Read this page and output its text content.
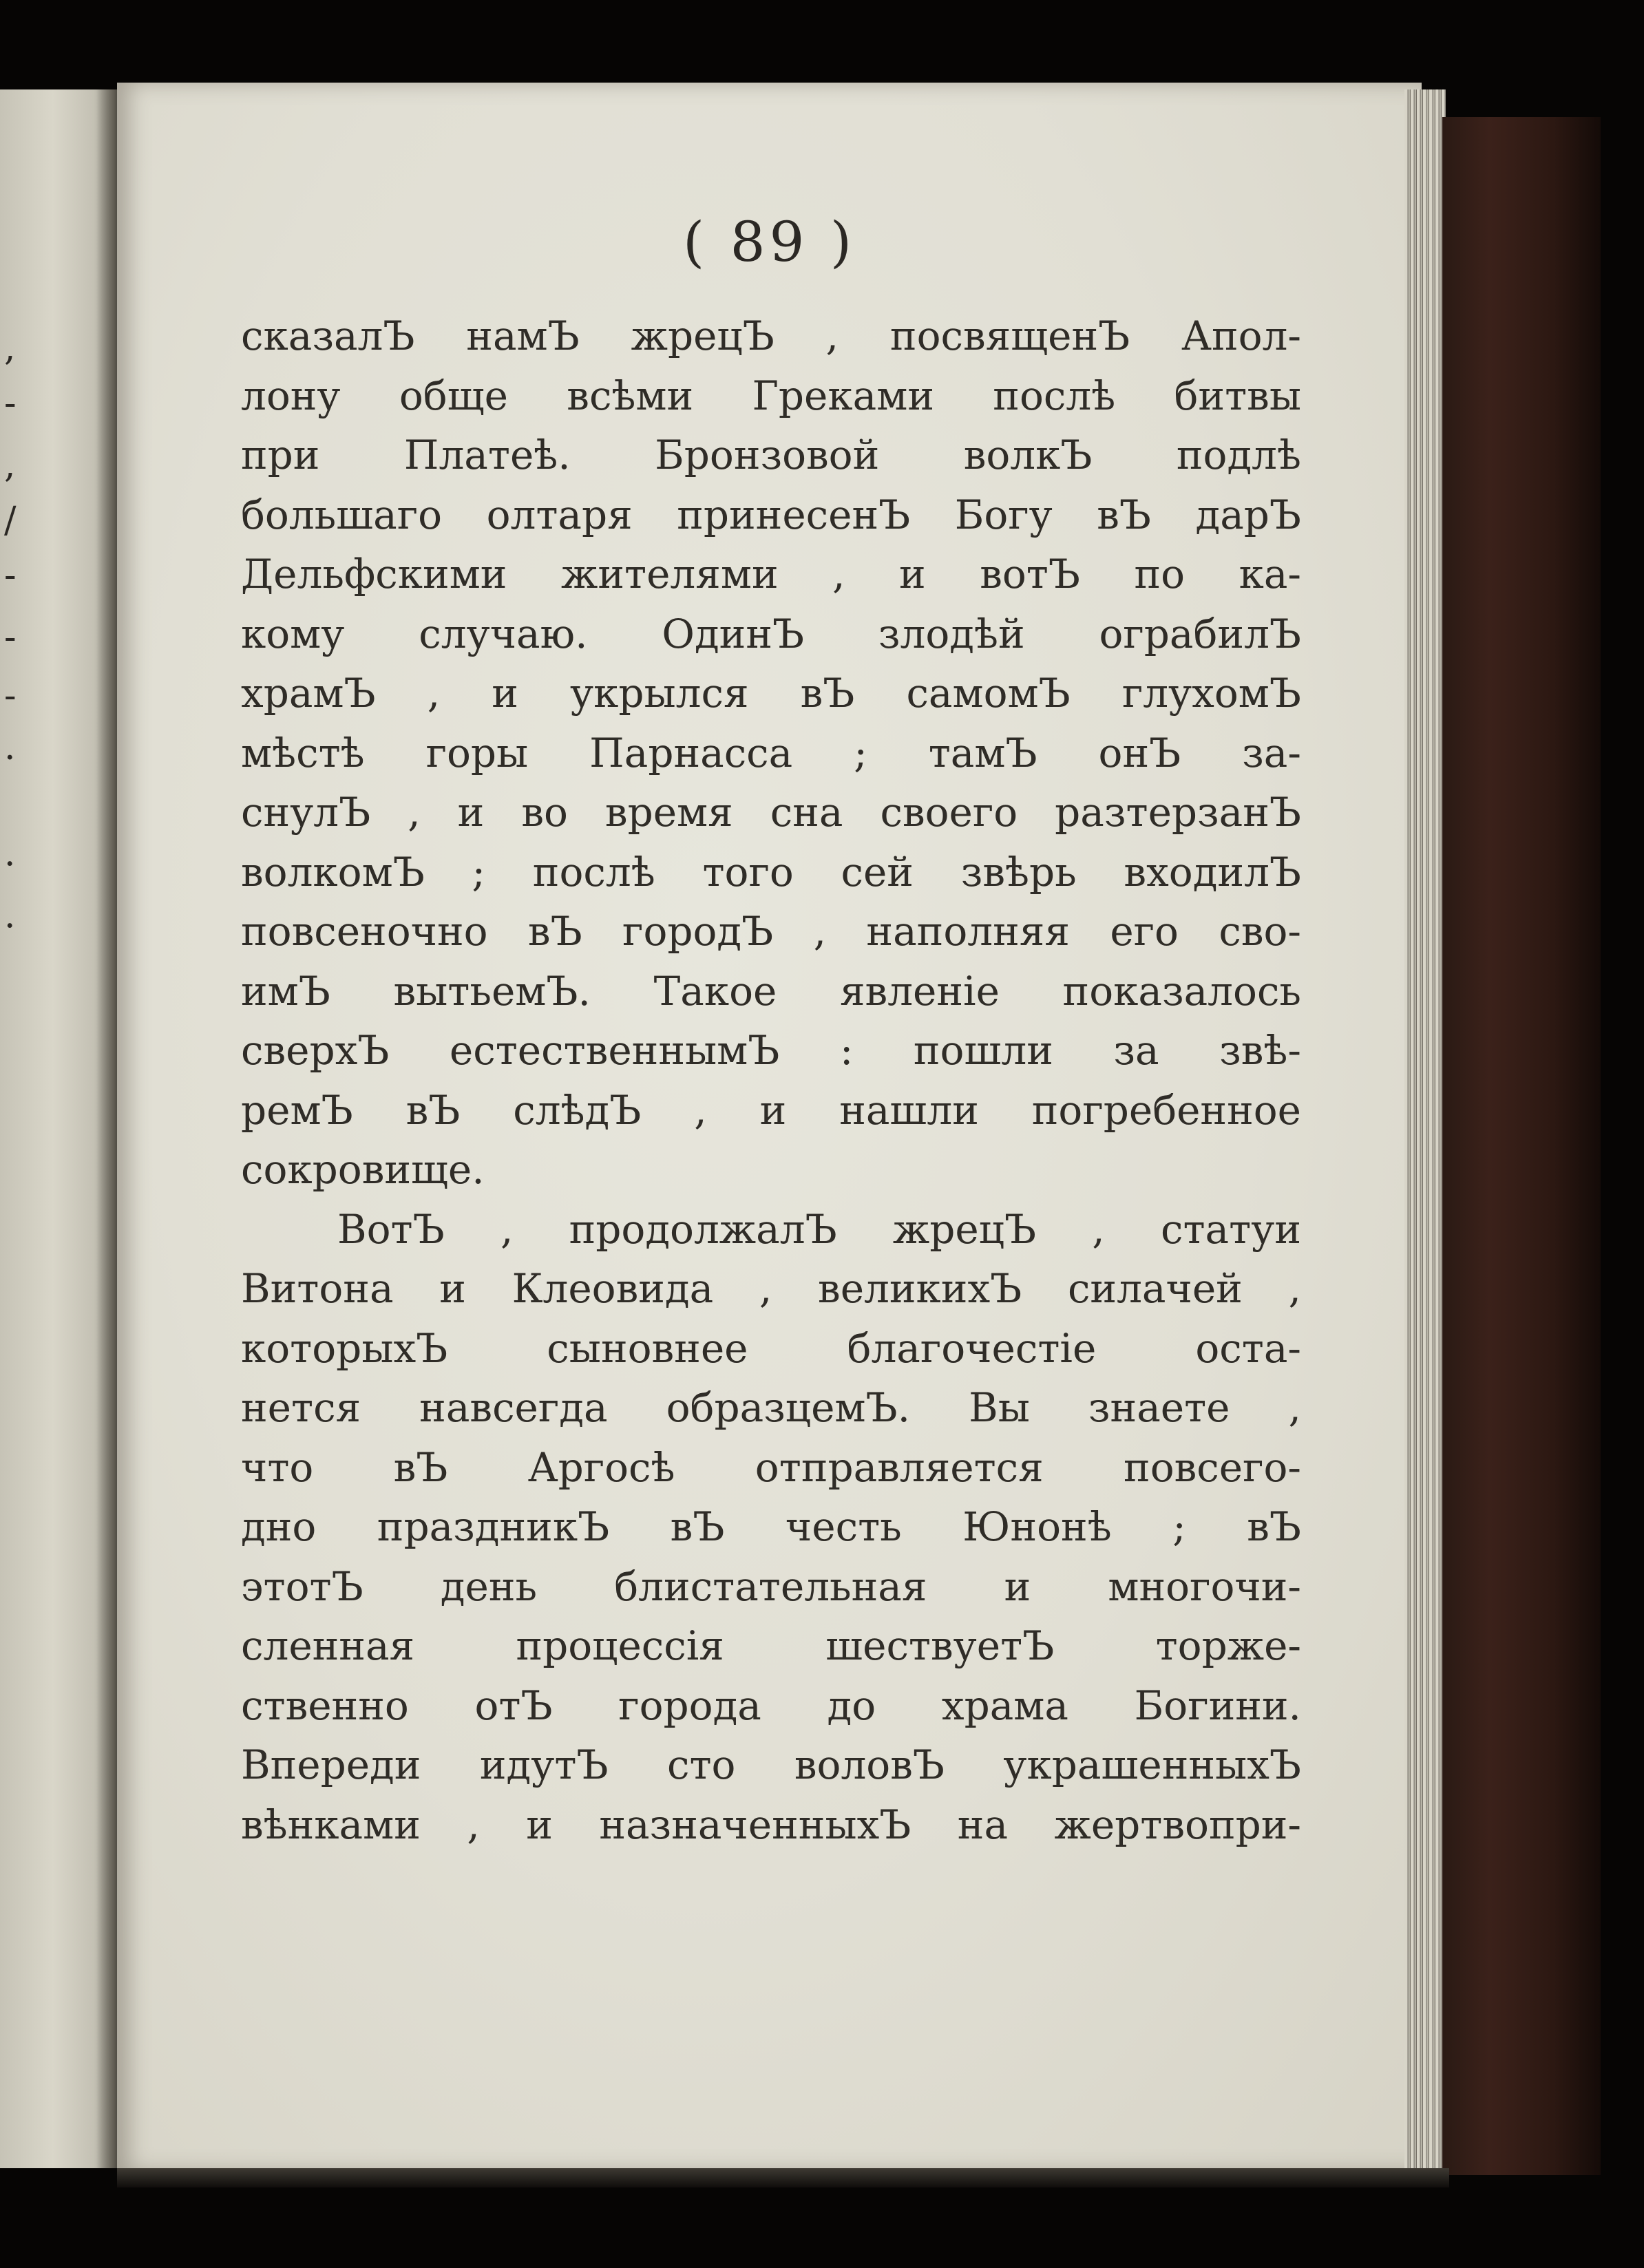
,
-
,
/
-
-
-
.
·
·
( 89 )
сказалЪ намЪ жрецЪ , посвященЪ Апол-
лону обще всѣми Греками послѣ битвы
при Платеѣ. Бронзовой волкЪ подлѣ
большаго олтаря принесенЪ Богу вЪ дарЪ
Дельфскими жителями , и вотЪ по ка-
кому случаю. ОдинЪ злодѣй ограбилЪ
храмЪ , и укрылся вЪ самомЪ глухомЪ
мѣстѣ горы Парнасса ; тамЪ онЪ за-
снулЪ , и во время сна своего разтерзанЪ
волкомЪ ; послѣ того сей звѣрь входилЪ
повсеночно вЪ городЪ , наполняя его сво-
имЪ вытьемЪ. Такое явленіе показалось
сверхЪ естественнымЪ : пошли за звѣ-
ремЪ вЪ слѣдЪ , и нашли погребенное
сокровище.
ВотЪ , продолжалЪ жрецЪ , статуи
Витона и Клеовида , великихЪ силачей ,
которыхЪ сыновнее благочестіе оста-
нется навсегда образцемЪ. Вы знаете ,
что вЪ Аргосѣ отправляется повсего-
дно праздникЪ вЪ честь Юнонѣ ; вЪ
этотЪ день блистательная и многочи-
сленная процессія шествуетЪ торже-
ственно отЪ города до храма Богини.
Впереди идутЪ сто воловЪ украшенныхЪ
вѣнками , и назначенныхЪ на жертвопри-
